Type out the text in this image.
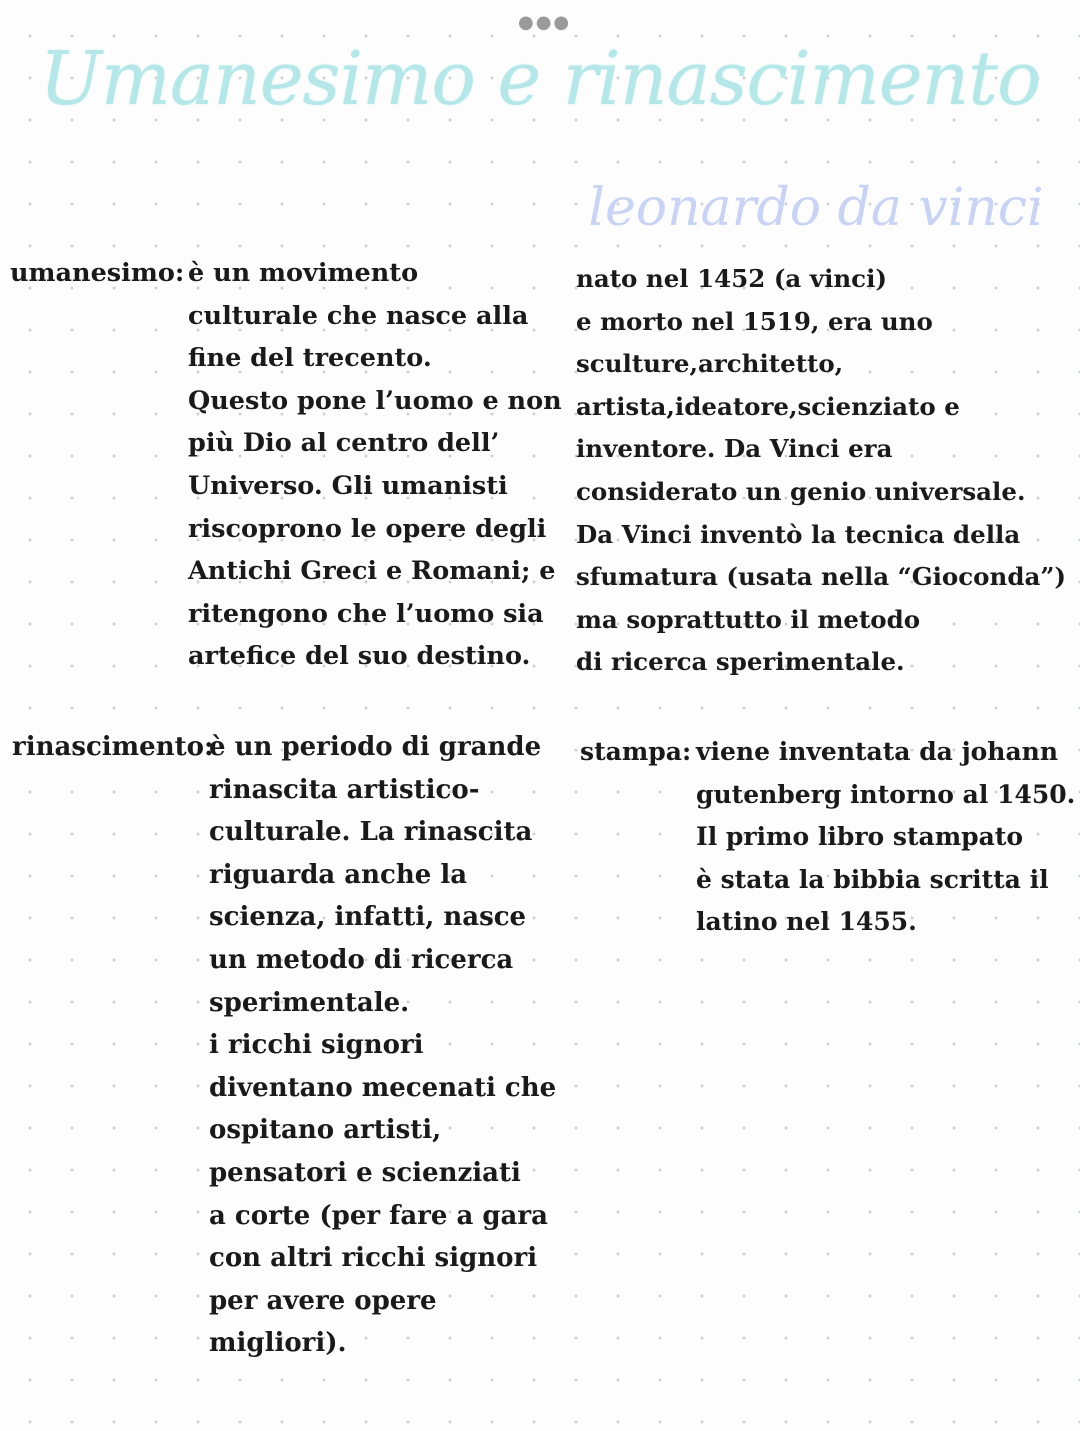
●●●
Umanesimo e rinascimento
leonardo da vinci
umanesimo: è un movimento
culturale che nasce alla
fine del trecento.
Questo pone l’uomo e non
più Dio al centro dell’
Universo. Gli umanisti
riscoprono le opere degli
Antichi Greci e Romani; e
ritengono che l’uomo sia
artefice del suo destino.
nato nel 1452 (a vinci)
e morto nel 1519, era uno
sculture,architetto,
artista,ideatore,scienziato e
inventore. Da Vinci era
considerato un genio universale.
Da Vinci inventò la tecnica della
sfumatura (usata nella “Gioconda”)
ma soprattutto il metodo
di ricerca sperimentale.
rinascimento:
è un periodo di grande
rinascita artistico-
culturale. La rinascita
riguarda anche la
scienza, infatti, nasce
un metodo di ricerca
sperimentale.
i ricchi signori
diventano mecenati che
ospitano artisti,
pensatori e scienziati
a corte (per fare a gara
con altri ricchi signori
per avere opere
migliori).
stampa: viene inventata da johann
gutenberg intorno al 1450.
Il primo libro stampato
è stata la bibbia scritta il
latino nel 1455.
